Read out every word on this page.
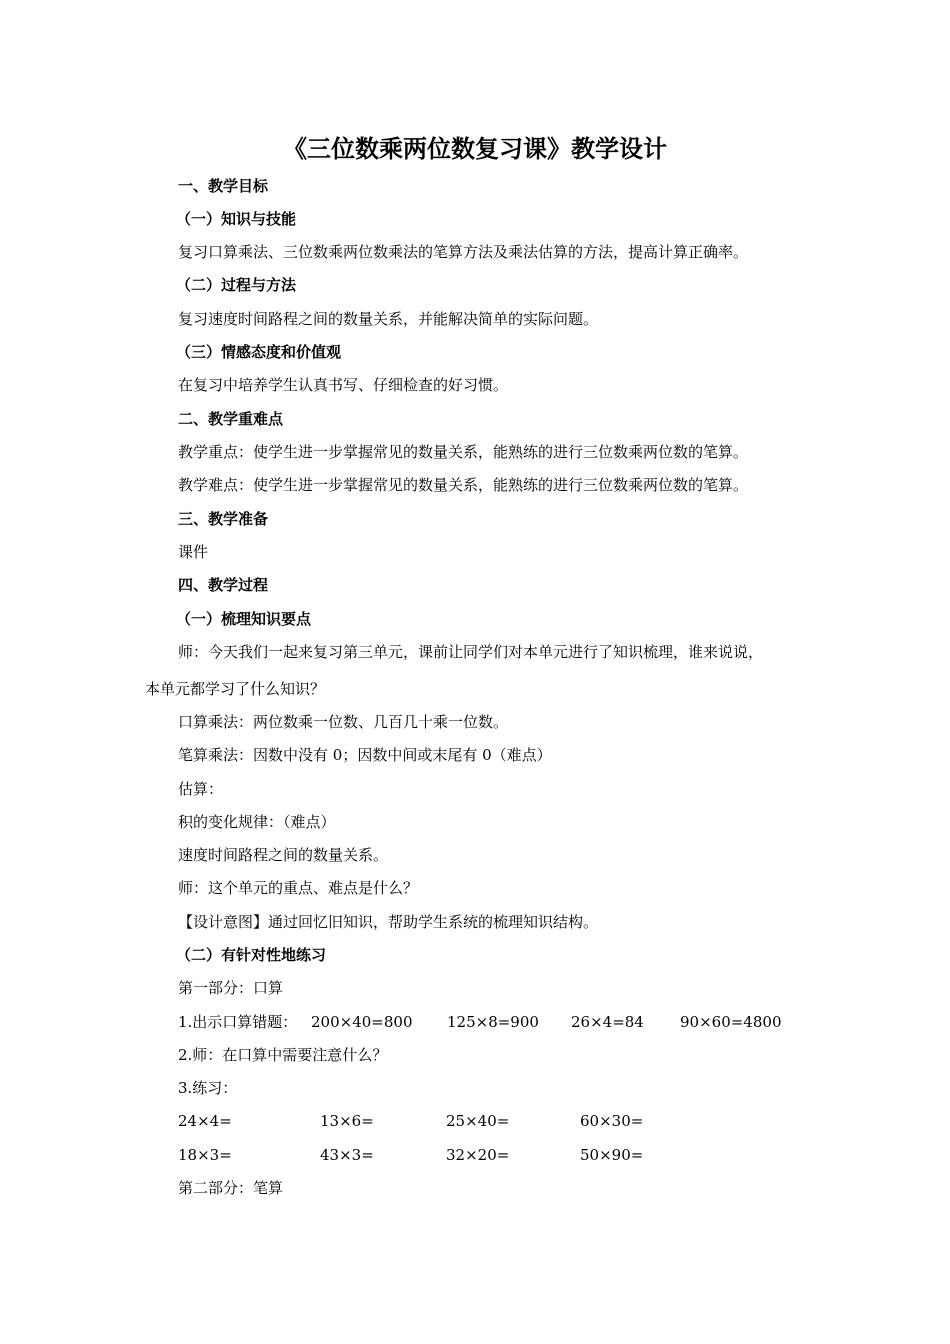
《三位数乘两位数复习课》教学设计
一、教学目标
（一）知识与技能
复习口算乘法、三位数乘两位数乘法的笔算方法及乘法估算的方法，提高计算正确率。
（二）过程与方法
复习速度时间路程之间的数量关系，并能解决简单的实际问题。
（三）情感态度和价值观
在复习中培养学生认真书写、仔细检查的好习惯。
二、教学重难点
教学重点：使学生进一步掌握常见的数量关系，能熟练的进行三位数乘两位数的笔算。
教学难点：使学生进一步掌握常见的数量关系，能熟练的进行三位数乘两位数的笔算。
三、教学准备
课件
四、教学过程
（一）梳理知识要点
师：今天我们一起来复习第三单元，课前让同学们对本单元进行了知识梳理，谁来说说，
本单元都学习了什么知识？
口算乘法：两位数乘一位数、几百几十乘一位数。
笔算乘法：因数中没有 0；因数中间或末尾有 0（难点）
估算：
积的变化规律：（难点）
速度时间路程之间的数量关系。
师：这个单元的重点、难点是什么？
【设计意图】通过回忆旧知识，帮助学生系统的梳理知识结构。
（二）有针对性地练习
第一部分：口算
1.出示口算错题： 200×40=800 125×8=900 26×4=84 90×60=4800
2.师：在口算中需要注意什么？
3.练习：
24×4=	13×6=	25×40=	60×30=
18×3=	43×3=	32×20=	50×90=
第二部分：笔算
